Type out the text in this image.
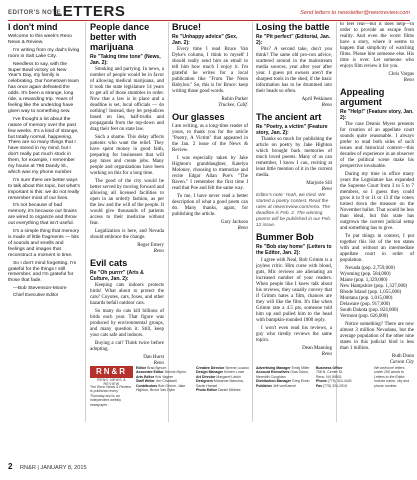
EDITOR'S NOTE
LETTERS	Send letters to newsletter@newsreview.com
I don't mind

Welcome to this week's Reno News & Review.

I'm writing from my dad's living room in Salt Lake City.

Needless to say, with the Super Bowl victory on New Year's Day, my family is celebrating. Our hometown team has once again defeated the odds. It's been a strange, long ride, a rewarding trip. Years of feeling like the underdog have given way to something new.

I've thought a lot about the nature of memory over the past few weeks. It's a kind of strange, but totally normal, happening. There are so many things that I have stored in my mind, but I don't really put much stock in them, for example, I remember my house at 766 Dandy St., which was my phone number.

I'm sure there are better ways to talk about this topic, but what's important is this: we do not really remember most of our lives.

It's not because of bad memory, it's because our brains are wired to organize and throw out everything that isn't useful.

It's a simple thing that memory is made of little fragments — bits of sounds and smells and feelings and images that reconstruct a moment in time.

So I don't mind forgetting. I'm grateful for the things I still remember, and I'm grateful for those that fade.

—Bob Stevenson-Moore
Chief Executive Editor

People dance better with marijuana

Re "Taking time tone" (News, Jan. 2):

Smoking and partying. In news, a number of people would be in favor of allowing medical marijuana, and it took the state legislature 14 years to get all of those stumbles in order. Now that a law is in place and a deadline is set, local officials — do nothing? Instead, they let prejudices based on lies, half-truths and propaganda from the top-down and drag their feet on state law.

Such a shame. This delay affects patients who want the relief. They have spent money in good faith, preparing for businesses that will pay taxes and create jobs. Many people and organizations have been working on this for a long time.

The good of the city would be better served by moving forward and allowing all licensed facilities to open in an orderly fashion, as per the law and the will of the people. It would give thousands of patients access to their medicine without fear.

Legalization is here, and Nevada should embrace the change.

Roger Emery
Reno

Evil cats

Re "Oh purrrr" (Arts & Culture, Jan. 2):

Keeping cats indoors protects birds! What about to protect the cats? Coyotes, cars, foxes, and other hazards befall outdoor cats.

So many do cats kill billions of birds each year. That figure was produced by environmental groups, and many question it. Still, keep your cats safe and indoors.

Buying a cat? Think twice before adopting.

Dan Hurst
Reno

Bruce!

Re "Unhappy advice" (Sex, Jan. 2):

Every time I read Bruce Van Dyke's column, I think to myself I should really send him an email to tell him how much I enjoy it. I'm grateful he writes for a local publication like "From The Neon Babylon." So, this is for Bruce: keep writing those good words.

Robin Parker
Truckee, Calif.

Our glasses

I am writing, as a long-time reader of yours, to thank you for the article "Poetry, A Victim" that appeared in the Jan. 2 issue of the News & Review.

I was especially taken by Jake Highton's granddaughter, Katelyn Moloney, choosing to memorize and recite Edgar Allan Poe's "The Raven." I remember the first time I read that Poe and felt the same way.

To me, I have never read a better description of what a good poem can do. Many thanks, again, for publishing the article.

Gary Jackson
Reno

Losing the battle

Re "Pit perfect" (Editorial, Jan. 2):

Pits? A second take, don't you think? The same old pro-con advice, scattered around in the mainstream media sources, year after year after year. I guess pit owners aren't the sharpest tools in the shed, if the basic information has to be drummed into their heads so often.

April Pekkinen
Reno

The ancient art

Re "Poetry, a victim" (Feature story, Jan. 2):

Thanks so much for publishing the article on poetry by Jake Highton which brought back memories of much loved poems. Many of us can remember, I know I can, reciting at least little mention of it in the current media.

Marjorie Sill
Reno

Editor's note: Yeah, we tried. We started a poetry contest. Read the rules at newsreview.com/reno. The deadline is Feb. 2. The winning poems will be published in our Feb. 12 issue.

Bummer Bob

Re "Bob stay home" (Letters to the Editor, Jan. 2):

I agree with Neal, Bob Grimm is a joyless critic. Him curse with blood, guts, Mic reviews are alienating an increased number of your readers. When people like I knew talk about his reviews, they usually convey that if Grimm hates a film, chances are they will like the film. It's like when Grimm rate a 4.5 pts, someone told him up and pulled him to the head with bumpkin-rounded 1000 reply.

I won't even read his reviews, a guy who tiredly reviews the same topics.

Dean Manning
Reno

to feel real—but it does help—in order to provide an escape from reality. And even the worst films have a story, where it seems to happen that simplicity of watching films. Please hire someone else. His time is over. Let someone who enjoys film review it for you.

Chris Vargas
Reno

Appealing argument

Re "Help!" (Feature story, Jan. 2):

The case Dennis Myers presents for creation of an appellate court sounds quite reasonable. I always prefer to read both sides of such issues and historical context—this decades of experience in an observer of the political scene make his perspective invaluable.

During my time in office many years the Legislature has expanded the Supreme Court from 3 to 5 to 7 members, so I guess they could grow it to 9 or 11 or 13 if the voters turned down the measure on the November ballot. That would be less than ideal, but this state has outgrown the current judicial setup and something has to give.

To put things in context, I put together this list of the ten states with and without an intermediate appellate court in order of population.

Nevada (pop. 2,759,000)
Wyoming (pop. 584,000)
Maine (pop. 1,329,000)
New Hampshire (pop. 1,327,000)
Rhode Island (pop. 1,055,000)
Montana (pop. 1,015,000)
Delaware (pop. 917,000)
South Dakota (pop. 824,000)
Vermont (pop. 626,000)

Notice something? There are now almost 3 million Nevadans, but the average population of the other nine states in this judicial bind is less than 1 million.

Ruth Dunn
Carson City

RN&R
RENO NEWS & REVIEW
The Reno News & Review is published every Thursday and is an independent weekly newspaper.
Editor Brad Bynum
Associate Editor Dennis Myers
Arts Editor Kris Vagner
Staff Writer Jeri Chadwell
Contributors Bob Grimm, Jake Highton, Bruce Van Dyke
Creative Director Serene Lusano
Design Manager Kristen Lowe
Art Director Margaret Larkin
Designers Marianne Mancina, Sarah Hansel
Photo Editor Daniel Dibbles
Advertising Manager Emily Miller
Account Executives Gina Odom, Meredith Coughlan
Distribution Manager Greg Erwin
Publisher Jeff vonKaenel
Business Office
708 N. Center St.
Reno, NV 89501
Phone (775) 324-4440
Fax (775) 324-2515
We welcome letters under 250 words to Letters to the Editor. Include name, city and phone number.
2 RN&R | JANUARY 8, 2015
